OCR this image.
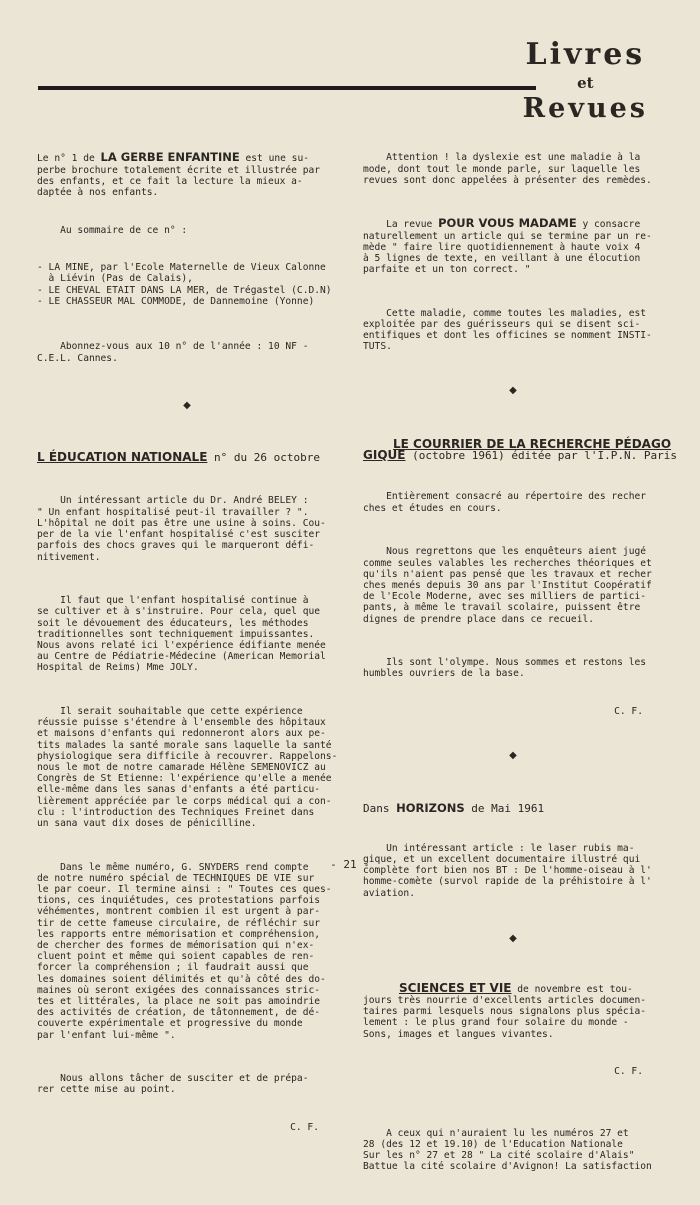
Livres
et
Revues

Le n° 1 de LA GERBE ENFANTINE est une su-
perbe brochure totalement écrite et illustrée par
des enfants, et ce fait la lecture la mieux a-
daptée à nos enfants.

Au sommaire de ce n° :

- LA MINE, par l'Ecole Maternelle de Vieux Calonne
à Liévin (Pas de Calais),
- LE CHEVAL ETAIT DANS LA MER, de Trégastel (C.D.N)
- LE CHASSEUR MAL COMMODE, de Dannemoine (Yonne)

Abonnez-vous aux 10 n° de l'année : 10 NF -
C.E.L. Cannes.

◆

L ÉDUCATION NATIONALE n° du 26 octobre

Un intéressant article du Dr. André BELEY :
" Un enfant hospitalisé peut-il travailler ? ".
L'hôpital ne doit pas être une usine à soins. Cou-
per de la vie l'enfant hospitalisé c'est susciter
parfois des chocs graves qui le marqueront défi-
nitivement.

Il faut que l'enfant hospitalisé continue à
se cultiver et à s'instruire. Pour cela, quel que
soit le dévouement des éducateurs, les méthodes
traditionnelles sont techniquement impuissantes.
Nous avons relaté ici l'expérience édifiante menée
au Centre de Pédiatrie-Médecine (American Memorial
Hospital de Reims) Mme JOLY.

Il serait souhaitable que cette expérience
réussie puisse s'étendre à l'ensemble des hôpitaux
et maisons d'enfants qui redonneront alors aux pe-
tits malades la santé morale sans laquelle la santé
physiologique sera difficile à recouvrer. Rappelons-
nous le mot de notre camarade Hélène SEMENOVICZ au
Congrès de St Etienne: l'expérience qu'elle a menée
elle-même dans les sanas d'enfants a été particu-
lièrement appréciée par le corps médical qui a con-
clu : l'introduction des Techniques Freinet dans
un sana vaut dix doses de pénicilline.

Dans le même numéro, G. SNYDERS rend compte
de notre numéro spécial de TECHNIQUES DE VIE sur
le par coeur. Il termine ainsi : " Toutes ces ques-
tions, ces inquiétudes, ces protestations parfois
véhémentes, montrent combien il est urgent à par-
tir de cette fameuse circulaire, de réfléchir sur
les rapports entre mémorisation et compréhension,
de chercher des formes de mémorisation qui n'ex-
cluent point et même qui soient capables de ren-
forcer la compréhension ; il faudrait aussi que
les domaines soient délimités et qu'à côté des do-
maines où seront exigées des connaissances stric-
tes et littérales, la place ne soit pas amoindrie
des activités de création, de tâtonnement, de dé-
couverte expérimentale et progressive du monde
par l'enfant lui-même ".

Nous allons tâcher de susciter et de prépa-
rer cette mise au point.

C. F.

Attention ! la dyslexie est une maladie à la
mode, dont tout le monde parle, sur laquelle les
revues sont donc appelées à présenter des remèdes.

La revue POUR VOUS MADAME y consacre
naturellement un article qui se termine par un re-
mède " faire lire quotidiennement à haute voix 4
à 5 lignes de texte, en veillant à une élocution
parfaite et un ton correct. "

Cette maladie, comme toutes les maladies, est
exploitée par des guérisseurs qui se disent sci-
entifiques et dont les officines se nomment INSTI-
TUTS.

◆

LE COURRIER DE LA RECHERCHE PÉDAGO
GIQUE (octobre 1961) éditée par l'I.P.N. Paris

Entièrement consacré au répertoire des recher
ches et études en cours.

Nous regrettons que les enquêteurs aient jugé
comme seules valables les recherches théoriques et
qu'ils n'aient pas pensé que les travaux et recher
ches menés depuis 30 ans par l'Institut Coopératif
de l'Ecole Moderne, avec ses milliers de partici-
pants, à même le travail scolaire, puissent être
dignes de prendre place dans ce recueil.

Ils sont l'olympe. Nous sommes et restons les
humbles ouvriers de la base.

C. F.

◆

Dans HORIZONS de Mai 1961

Un intéressant article : le laser rubis ma-
gique, et un excellent documentaire illustré qui
complète fort bien nos BT : De l'homme-oiseau à l'
homme-comète (survol rapide de la préhistoire à l'
aviation.

◆

SCIENCES ET VIE de novembre est tou-
jours très nourrie d'excellents articles documen-
taires parmi lesquels nous signalons plus spécia-
lement : le plus grand four solaire du monde -
Sons, images et langues vivantes.

C. F.

A ceux qui n'auraient lu les numéros 27 et
28 (des 12 et 19.10) de l'Education Nationale
Sur les n° 27 et 28 " La cité scolaire d'Alais"
Battue la cité scolaire d'Avignon! La satisfaction

- 21 -
